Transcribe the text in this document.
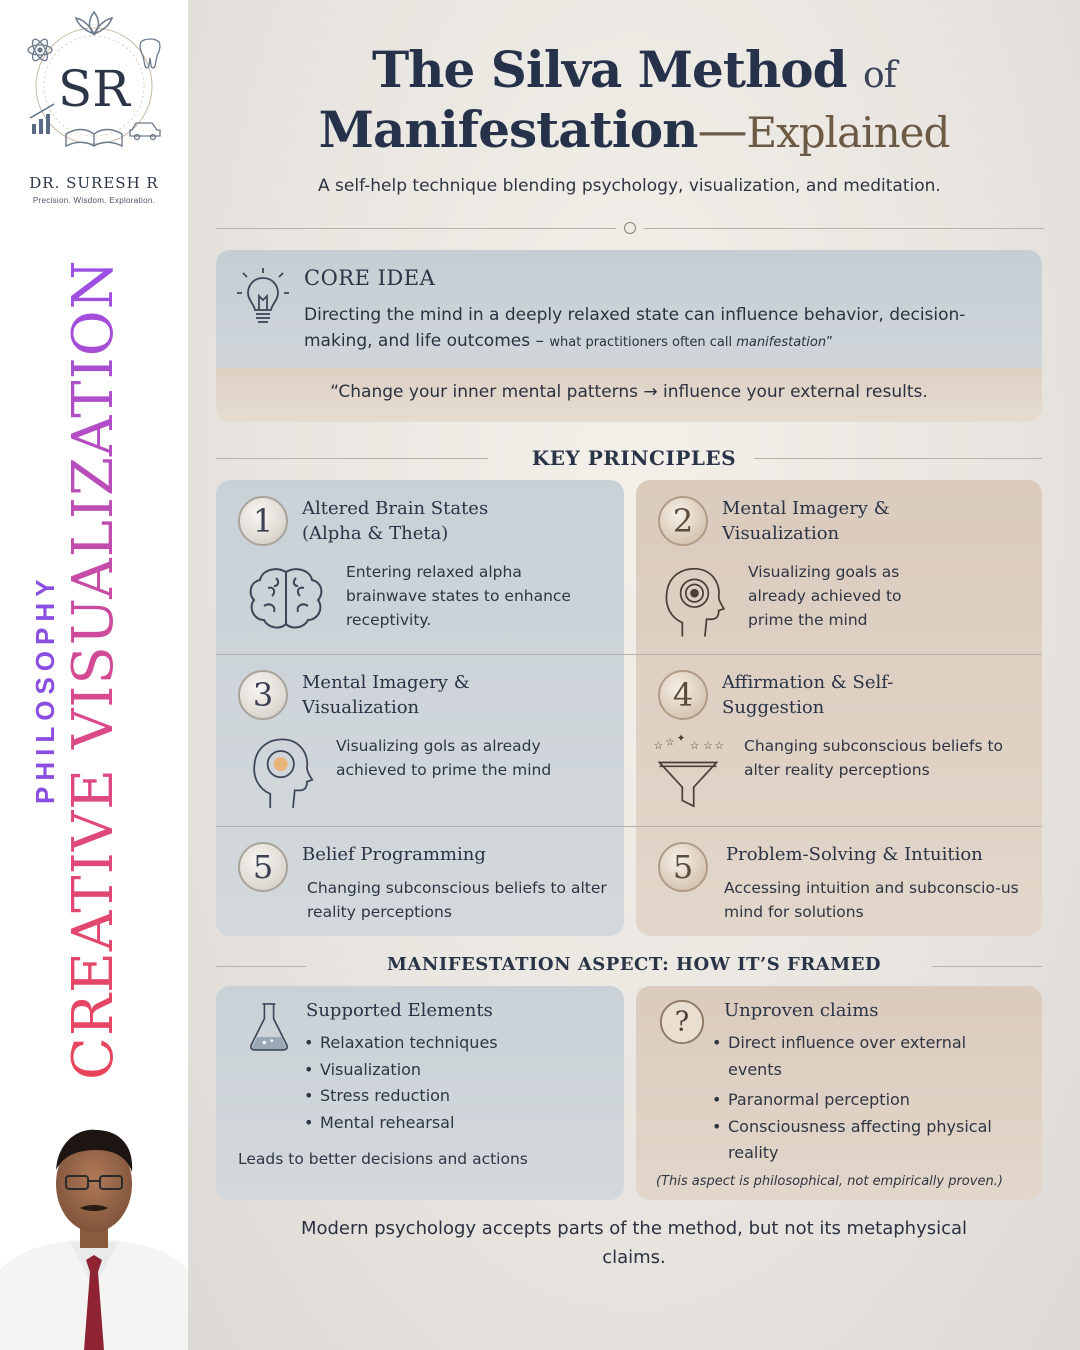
SR
DR. SURESH R
Precision. Wisdom. Exploration.
PHILOSOPHY CREATIVE VISUALIZATION
The Silva Method of
Manifestation—Explained
A self-help technique blending psychology, visualization, and meditation.
CORE IDEA
Directing the mind in a deeply relaxed state can influence behavior, decision-making, and life outcomes – what practitioners often call manifestation”
“Change your inner mental patterns → influence your external results.
KEY PRINCIPLES
1	Altered Brain States (Alpha & Theta)
Entering relaxed alpha brainwave states to enhance receptivity.
2	Mental Imagery & Visualization
Visualizing goals as already achieved to prime the mind
3	Mental Imagery & Visualization
Visualizing gols as already achieved to prime the mind
4	Affirmation & Self-Suggestion
☆ ☆ ✦
☆ ☆ ☆ Changing subconscious beliefs to alter reality perceptions
5	Belief Programming
Changing subconscious beliefs to alter reality perceptions
5	Problem-Solving & Intuition
Accessing intuition and subconscio-us mind for solutions
MANIFESTATION ASPECT: HOW IT’S FRAMED
Supported Elements
• Relaxation techniques
• Visualization
• Stress reduction
• Mental rehearsal
Leads to better decisions and actions
? Unproven claims
• Direct influence over external events
• Paranormal perception
• Consciousness affecting physical reality
(This aspect is philosophical, not empirically proven.)
Modern psychology accepts parts of the method, but not its metaphysical claims.
